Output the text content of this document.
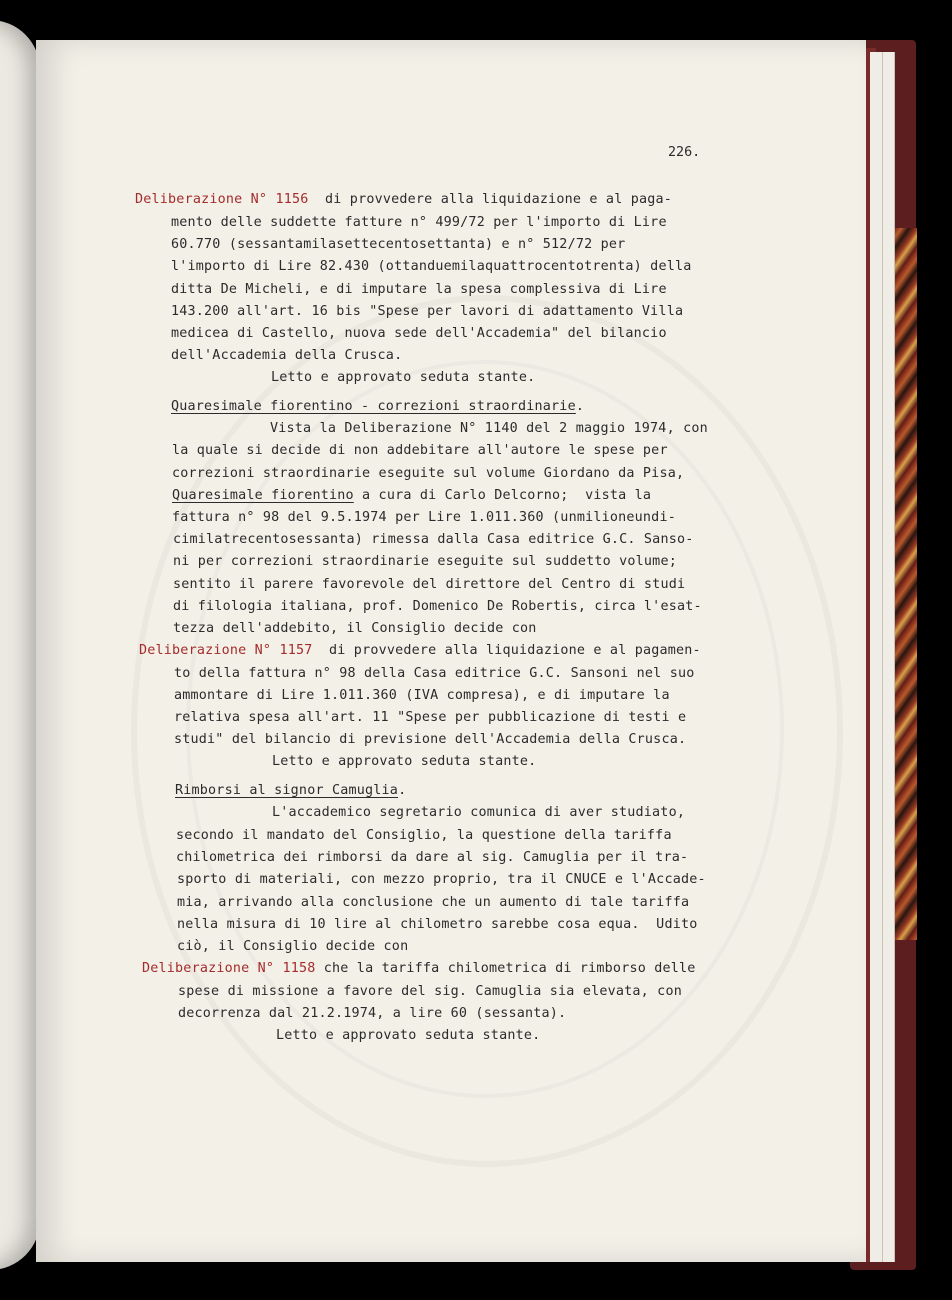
226.
Deliberazione N° 1156  di provvedere alla liquidazione e al paga-
mento delle suddette fatture n° 499/72 per l'importo di Lire
60.770 (sessantamilasettecentosettanta) e n° 512/72 per
l'importo di Lire 82.430 (ottanduemilaquattrocentotrenta) della
ditta De Micheli, e di imputare la spesa complessiva di Lire
143.200 all'art. 16 bis "Spese per lavori di adattamento Villa
medicea di Castello, nuova sede dell'Accademia" del bilancio
dell'Accademia della Crusca.
Letto e approvato seduta stante.
Quaresimale fiorentino - correzioni straordinarie.
Vista la Deliberazione N° 1140 del 2 maggio 1974, con
la quale si decide di non addebitare all'autore le spese per
correzioni straordinarie eseguite sul volume Giordano da Pisa,
Quaresimale fiorentino a cura di Carlo Delcorno;  vista la
fattura n° 98 del 9.5.1974 per Lire 1.011.360 (unmilioneundi-
cimilatrecentosessanta) rimessa dalla Casa editrice G.C. Sanso-
ni per correzioni straordinarie eseguite sul suddetto volume;
sentito il parere favorevole del direttore del Centro di studi
di filologia italiana, prof. Domenico De Robertis, circa l'esat-
tezza dell'addebito, il Consiglio decide con
Deliberazione N° 1157  di provvedere alla liquidazione e al pagamen-
to della fattura n° 98 della Casa editrice G.C. Sansoni nel suo
ammontare di Lire 1.011.360 (IVA compresa), e di imputare la
relativa spesa all'art. 11 "Spese per pubblicazione di testi e
studi" del bilancio di previsione dell'Accademia della Crusca.
Letto e approvato seduta stante.
Rimborsi al signor Camuglia.
L'accademico segretario comunica di aver studiato,
secondo il mandato del Consiglio, la questione della tariffa
chilometrica dei rimborsi da dare al sig. Camuglia per il tra-
sporto di materiali, con mezzo proprio, tra il CNUCE e l'Accade-
mia, arrivando alla conclusione che un aumento di tale tariffa
nella misura di 10 lire al chilometro sarebbe cosa equa.  Udito
ciò, il Consiglio decide con
Deliberazione N° 1158 che la tariffa chilometrica di rimborso delle
spese di missione a favore del sig. Camuglia sia elevata, con
decorrenza dal 21.2.1974, a lire 60 (sessanta).
Letto e approvato seduta stante.
